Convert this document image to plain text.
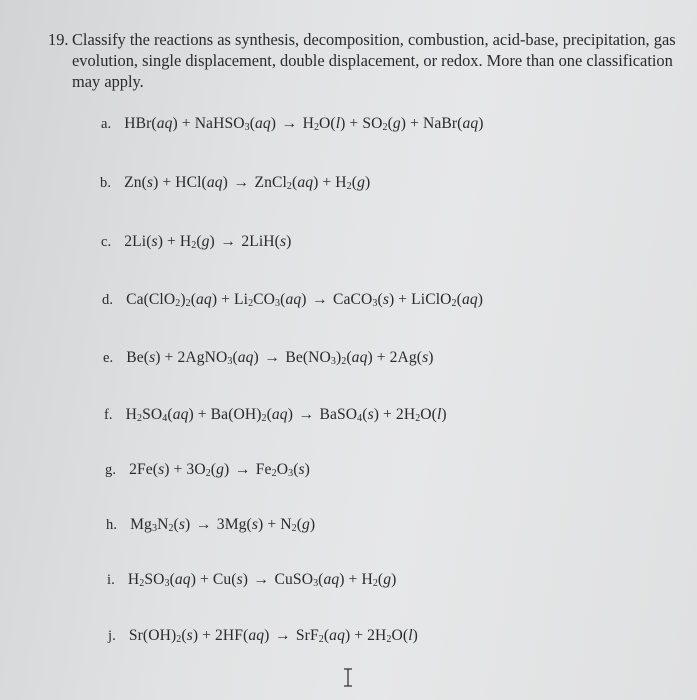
19. Classify the reactions as synthesis, decomposition, combustion, acid-base, precipitation, gas evolution, single displacement, double displacement, or redox. More than one classification may apply.
a. HBr(aq) + NaHSO$_3$(aq)  →  $H_2O(l) + SO_2(g)$ + NaBr(aq)
b. Zn(s) + HCl(aq)  →  ZnCl$_2$(aq) + $H_2(g)$
c. $2Li(s) + H_2(g)$  →  2LiH(s)
d. $Ca(ClO_2)_2(aq) + Li_2CO_3(aq)$  →  CaCO$_3$(s) + LiClO$_2$(aq)
e. Be(s) + 2AgNO$_3$(aq)  →  $Be(NO_3)_2(aq) + 2Ag(s)$
f. $H_2SO_4(aq) + Ba(OH)_2(aq)$  →  BaSO$_4$(s) + $2H_2O(l)$
g. $2Fe(s) + 3O_2(g)$  →  $Fe_2O_3(s)$
h. $Mg_3N_2(s)$  →  $3Mg(s) + N_2(g)$
i. $H_2SO_3(aq) + Cu(s)$  →  CuSO$_3$(aq) + $H_2(g)$
j. $Sr(OH)_2(s) + 2HF(aq)$  →  $SrF_2(aq) + 2H_2O(l)$
